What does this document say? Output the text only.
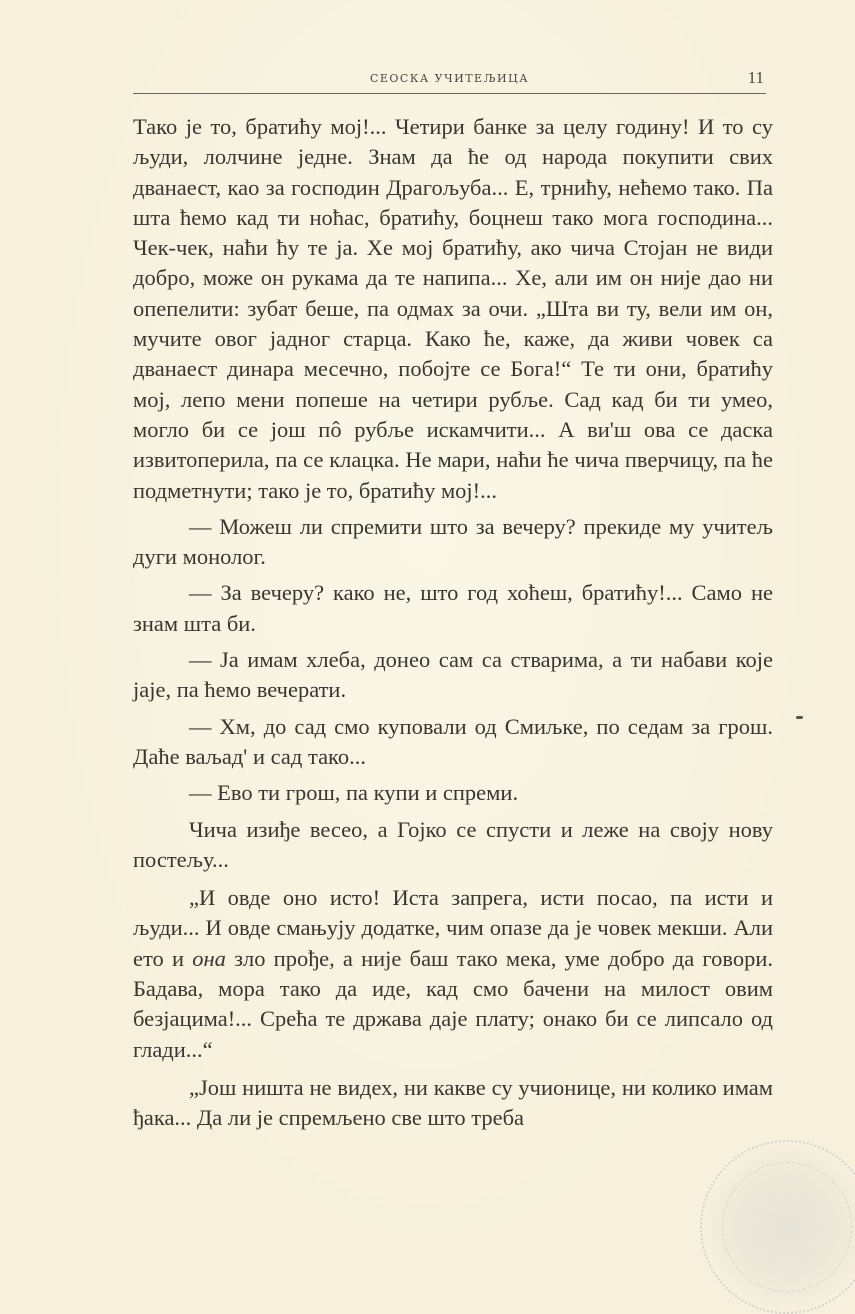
СЕОСКА УЧИТЕЉИЦА	11

Тако је то, братићу мој!... Четири банке за целу годину! И то су људи, лолчине једне. Знам да ће од народа покупити свих дванаест, као за господин Драгољуба... Е, трнићу, нећемо тако. Па шта ћемо кад ти ноћас, братићу, боцнеш тако мога господина... Чек-чек, наћи ћу те ја. Хе мој братићу, ако чича Стојан не види добро, може он рукама да те напипа... Хе, али им он није дао ни опепелити: зубат беше, па одмах за очи. „Шта ви ту, вели им он, мучите овог јадног старца. Како ће, каже, да живи човек са дванаест динара месечно, побојте се Бога!“ Те ти они, братићу мој, лепо мени попеше на четири рубље. Сад кад би ти умео, могло би се још пô рубље искамчити... А ви'ш ова се даска извитоперила, па се клацка. Не мари, наћи ће чича пверчицу, па ће подметнути; тако је то, братићу мој!...

— Можеш ли спремити што за вечеру? прекиде му учитељ дуги монолог.

— За вечеру? како не, што год хоћеш, братићу!... Само не знам шта би.

— Ја имам хлеба, донео сам са стварима, а ти набави које јаје, па ћемо вечерати.

— Хм, до сад смо куповали од Смиљке, по седам за грош. Даће ваљад' и сад тако...

— Ево ти грош, па купи и спреми.

Чича изиђе весео, а Гојко се спусти и леже на своју нову постељу...

„И овде оно исто! Иста запрега, исти посао, па исти и људи... И овде смањују додатке, чим опазе да је човек мекши. Али ето и она зло прође, а није баш тако мека, уме добро да говори. Бадава, мора тако да иде, кад смо бачени на милост овим безјацима!... Срећа те држава даје плату; онако би се липсало од глади...“

„Још ништа не видех, ни какве су учионице, ни колико имам ђака... Да ли је спремљено све што треба
